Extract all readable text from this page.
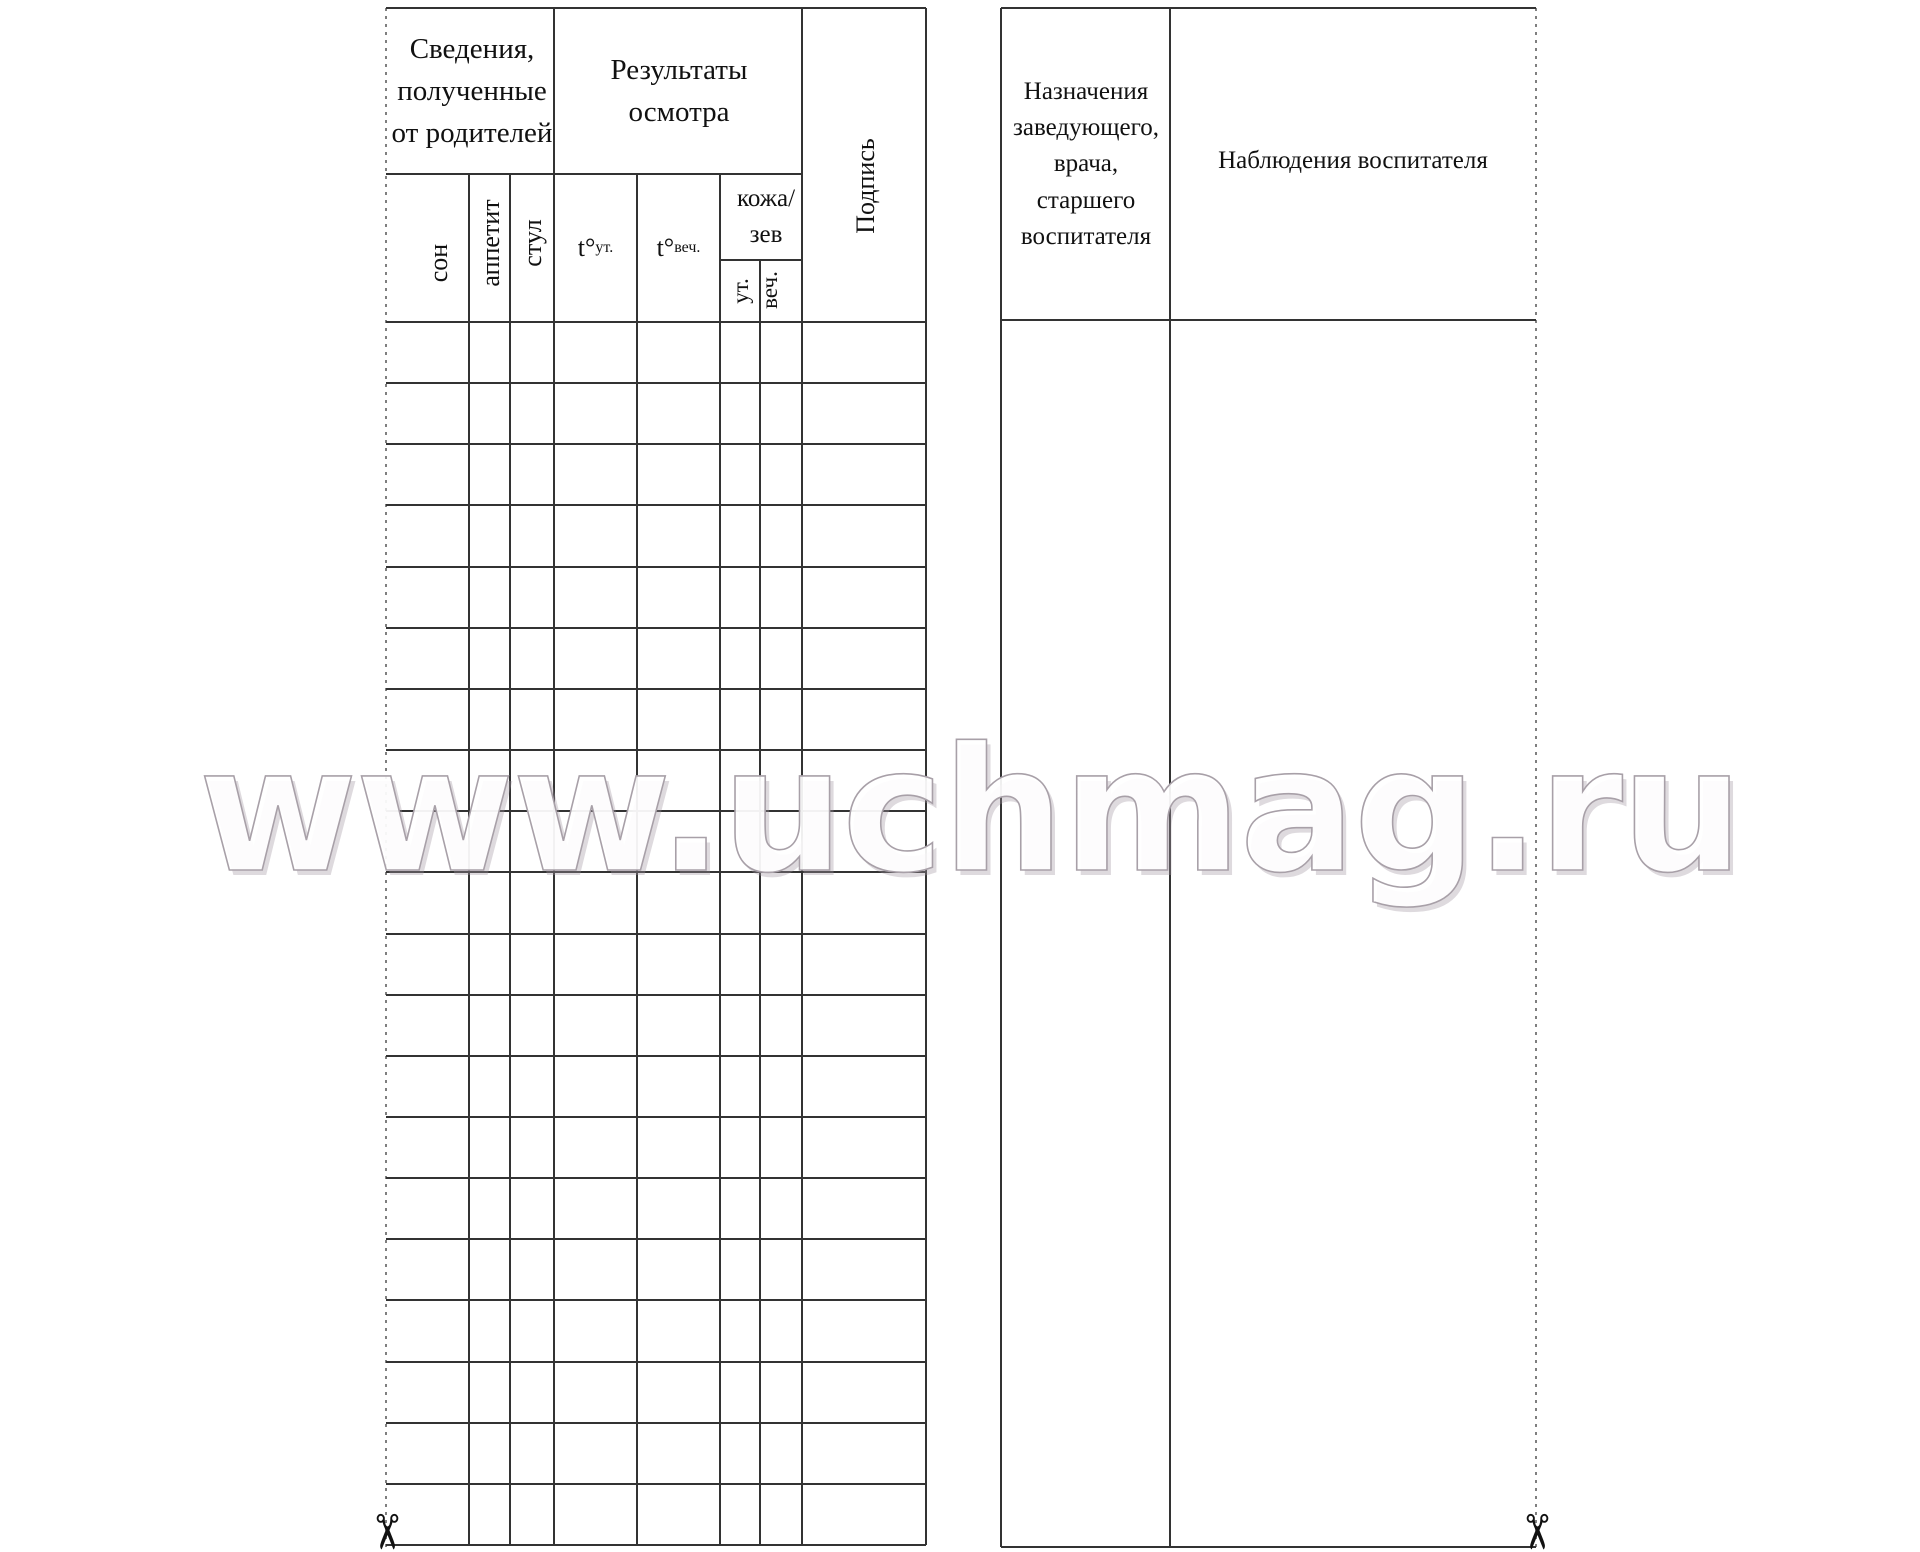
Сведения, полученные от родителей
Результаты осмотра
Подпись
сон аппетит стул t° ут. t° веч.
кожа/
зев
ут. веч.
Назначения заведующего, врача, старшего воспитателя
Наблюдения воспитателя
✂	✂
www.uchmag.ru
